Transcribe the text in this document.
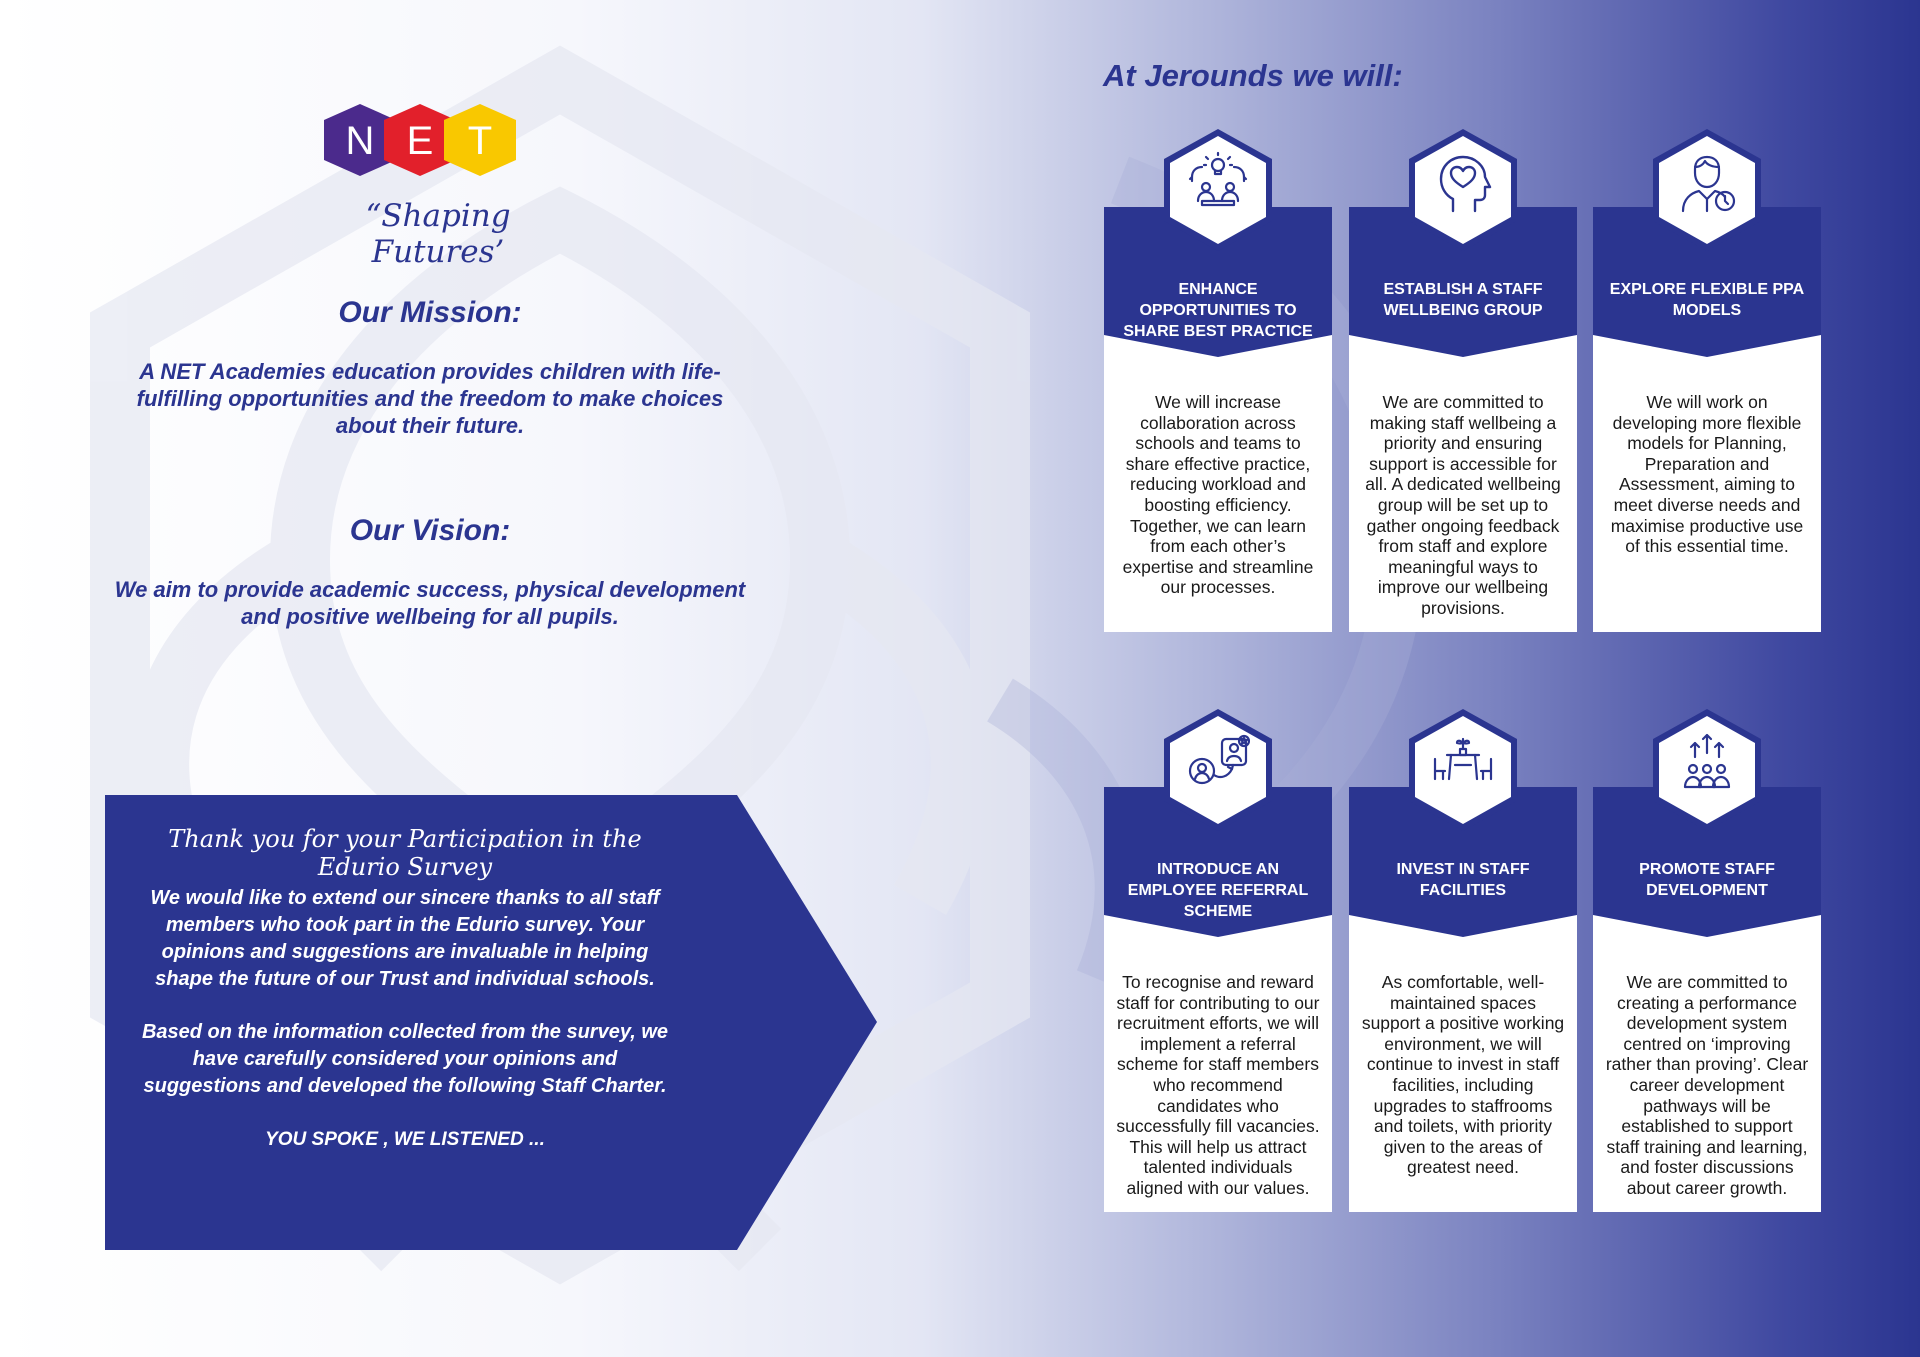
N E T
“Shaping Futures’
Our Mission:
A NET Academies education provides children with life-fulfilling opportunities and the freedom to make choices about their future.
Our Vision:
We aim to provide academic success, physical development and positive wellbeing for all pupils.
Thank you for your Participation in the Edurio Survey

We would like to extend our sincere thanks to all staff members who took part in the Edurio survey. Your opinions and suggestions are invaluable in helping shape the future of our Trust and individual schools.

Based on the information collected from the survey, we have carefully considered your opinions and suggestions and developed the following Staff Charter.

YOU SPOKE , WE LISTENED ...

At Jerounds we will:
ENHANCE OPPORTUNITIES TO SHARE BEST PRACTICE
We will increase collaboration across schools and teams to share effective practice, reducing workload and boosting efficiency. Together, we can learn from each other’s expertise and streamline our processes.
ESTABLISH A STAFF WELLBEING GROUP
We are committed to making staff wellbeing a priority and ensuring support is accessible for all. A dedicated wellbeing group will be set up to gather ongoing feedback from staff and explore meaningful ways to improve our wellbeing provisions.
EXPLORE FLEXIBLE PPA MODELS
We will work on developing more flexible models for Planning, Preparation and Assessment, aiming to meet diverse needs and maximise productive use of this essential time.
INTRODUCE AN EMPLOYEE REFERRAL SCHEME
To recognise and reward staff for contributing to our recruitment efforts, we will implement a referral scheme for staff members who recommend candidates who successfully fill vacancies. This will help us attract talented individuals aligned with our values.
INVEST IN STAFF FACILITIES
As comfortable, well-maintained spaces support a positive working environment, we will continue to invest in staff facilities, including upgrades to staffrooms and toilets, with priority given to the areas of greatest need.
PROMOTE STAFF DEVELOPMENT
We are committed to creating a performance development system centred on ‘improving rather than proving’. Clear career development pathways will be established to support staff training and learning, and foster discussions about career growth.
